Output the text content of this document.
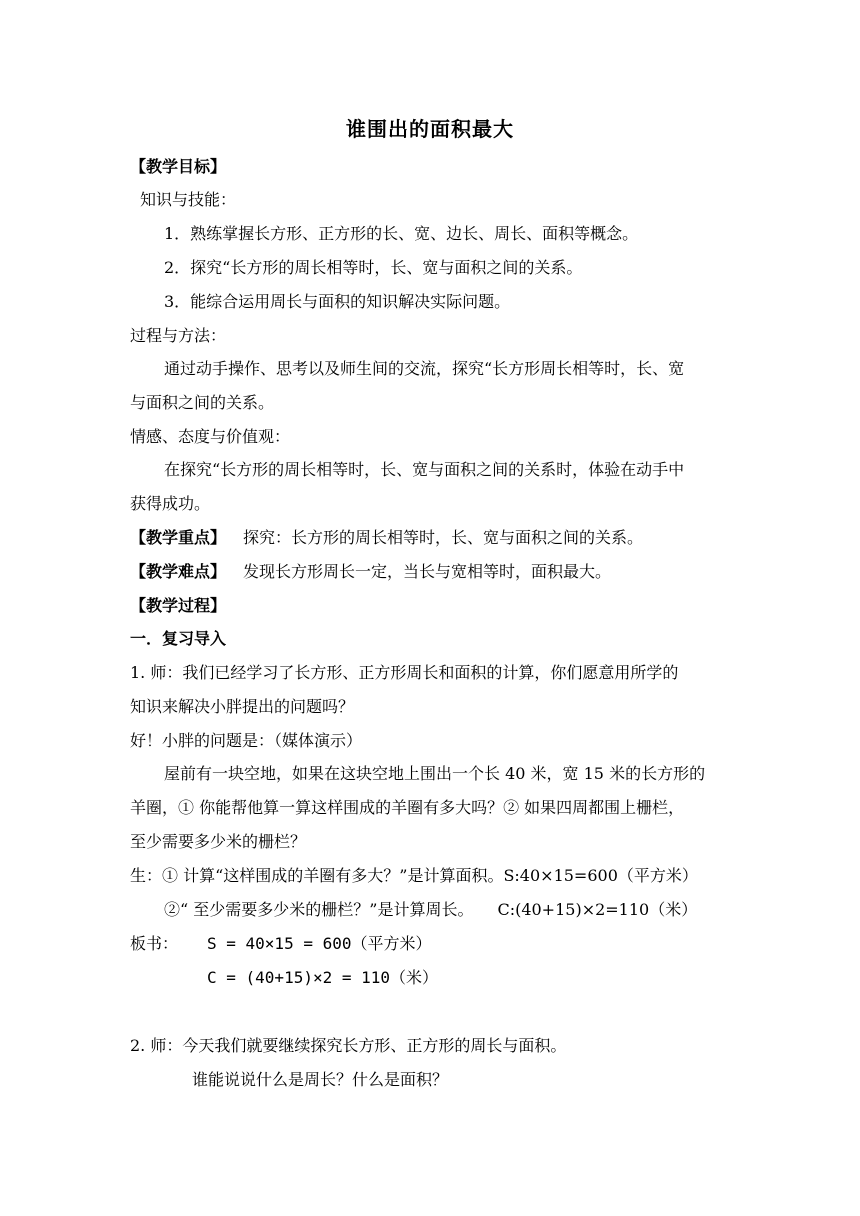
谁围出的面积最大
【教学目标】
知识与技能：
1．熟练掌握长方形、正方形的长、宽、边长、周长、面积等概念。
2．探究“长方形的周长相等时，长、宽与面积之间的关系。
3．能综合运用周长与面积的知识解决实际问题。
过程与方法：
通过动手操作、思考以及师生间的交流，探究“长方形周长相等时，长、宽
与面积之间的关系。
情感、态度与价值观：
在探究“长方形的周长相等时，长、宽与面积之间的关系时，体验在动手中
获得成功。
【教学重点】 探究：长方形的周长相等时，长、宽与面积之间的关系。
【教学难点】 发现长方形周长一定，当长与宽相等时，面积最大。
【教学过程】
一．复习导入
1. 师：我们已经学习了长方形、正方形周长和面积的计算，你们愿意用所学的
知识来解决小胖提出的问题吗？
好！小胖的问题是：（媒体演示）
屋前有一块空地，如果在这块空地上围出一个长 40 米，宽 15 米的长方形的
羊圈，① 你能帮他算一算这样围成的羊圈有多大吗？② 如果四周都围上栅栏，
至少需要多少米的栅栏？
生：① 计算“这样围成的羊圈有多大？”是计算面积。S:40×15=600（平方米）
②“ 至少需要多少米的栅栏？”是计算周长。　　C:(40+15)×2=110（米）
板书： S = 40×15 = 600（平方米）
C = (40+15)×2 = 110（米）
2. 师：今天我们就要继续探究长方形、正方形的周长与面积。
谁能说说什么是周长？什么是面积？
